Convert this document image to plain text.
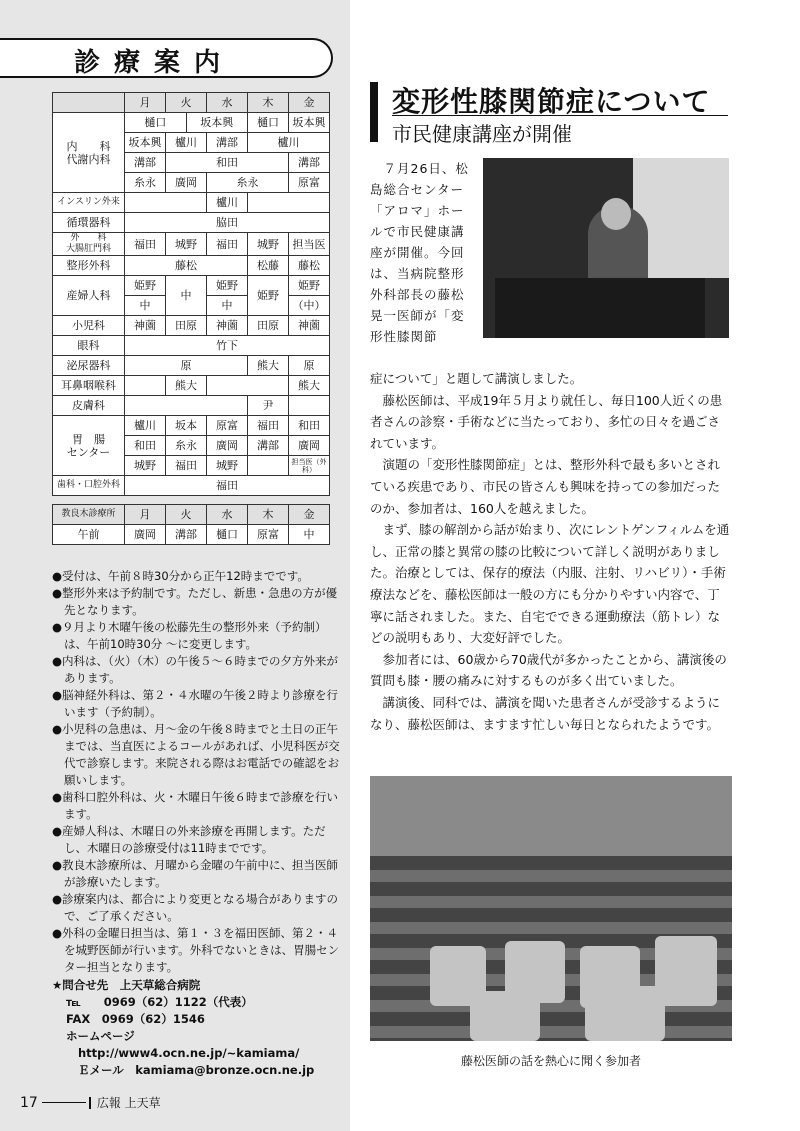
診療案内
	月	火		水	木	金
内　　科
代謝内科	樋口		坂本興		樋口	坂本興
	坂本興	櫨川		溝部	櫨川	
	溝部	和田				溝部
	糸永	廣岡		糸永		原富
インスリン外来				櫨川		
循環器科	脇田					
外　　科
大腸肛門科	福田	城野		福田	城野	担当医
整形外科	藤松				松藤	藤松
産婦人科	姫野	中		姫野	姫野	姫野
	中			中		（中）
小児科	神薗	田原		神薗	田原	神薗
眼科	竹下					
泌尿器科	原				熊大	原
耳鼻咽喉科		熊大				熊大
皮膚科					尹	
胃　腸
センター	櫨川	坂本		原富	福田	和田
	和田	糸永		廣岡	溝部	廣岡
	城野	福田		城野		担当医（外科）
歯科・口腔外科	福田					
教良木診療所	月	火	水	木	金
午前	廣岡	溝部	樋口	原富	中

●受付は、午前８時30分から正午12時までです。

●整形外来は予約制です。ただし、新患・急患の方が優先となります。

●９月より木曜午後の松藤先生の整形外来（予約制）は、午前10時30分 ～に変更します。

●内科は、（火）（木）の午後５～６時までの夕方外来があります。

●脳神経外科は、第２・４水曜の午後２時より診療を行います（予約制）。

●小児科の急患は、月～金の午後８時までと土日の正午までは、当直医によるコールがあれば、小児科医が交代で診察します。来院される際はお電話での確認をお願いします。

●歯科口腔外科は、火・木曜日午後６時まで診療を行います。

●産婦人科は、木曜日の外来診療を再開します。ただし、木曜日の診療受付は11時までです。

●教良木診療所は、月曜から金曜の午前中に、担当医師が診療いたします。

●診療案内は、都合により変更となる場合がありますので、ご了承ください。

●外科の金曜日担当は、第１・３を福田医師、第２・４を城野医師が行います。外科でないときは、胃腸センター担当となります。

★問合せ先　上天草総合病院
℡　　0969（62）1122（代表）
FAX　0969（62）1546
ホームページ
http://www4.ocn.ne.jp/~kamiama/
Ｅメール　kamiama@bronze.ocn.ne.jp
17	広報 上天草
変形性膝関節症について
市民健康講座が開催
　７月26日、松島総合センター「アロマ」ホールで市民健康講座が開催。今回は、当病院整形外科部長の藤松晃一医師が「変形性膝関節

症について」と題して講演しました。

藤松医師は、平成19年５月より就任し、毎日100人近くの患者さんの診察・手術などに当たっており、多忙の日々を過ごされています。

演題の「変形性膝関節症」とは、整形外科で最も多いとされている疾患であり、市民の皆さんも興味を持っての参加だったのか、参加者は、160人を越えました。

まず、膝の解剖から話が始まり、次にレントゲンフィルムを通し、正常の膝と異常の膝の比較について詳しく説明がありました。治療としては、保存的療法（内服、注射、リハビリ）・手術療法などを、藤松医師は一般の方にも分かりやすい内容で、丁寧に話されました。また、自宅でできる運動療法（筋トレ）などの説明もあり、大変好評でした。

参加者には、60歳から70歳代が多かったことから、講演後の質問も膝・腰の痛みに対するものが多く出ていました。

講演後、同科では、講演を聞いた患者さんが受診するようになり、藤松医師は、ますます忙しい毎日となられたようです。

藤松医師の話を熱心に聞く参加者
